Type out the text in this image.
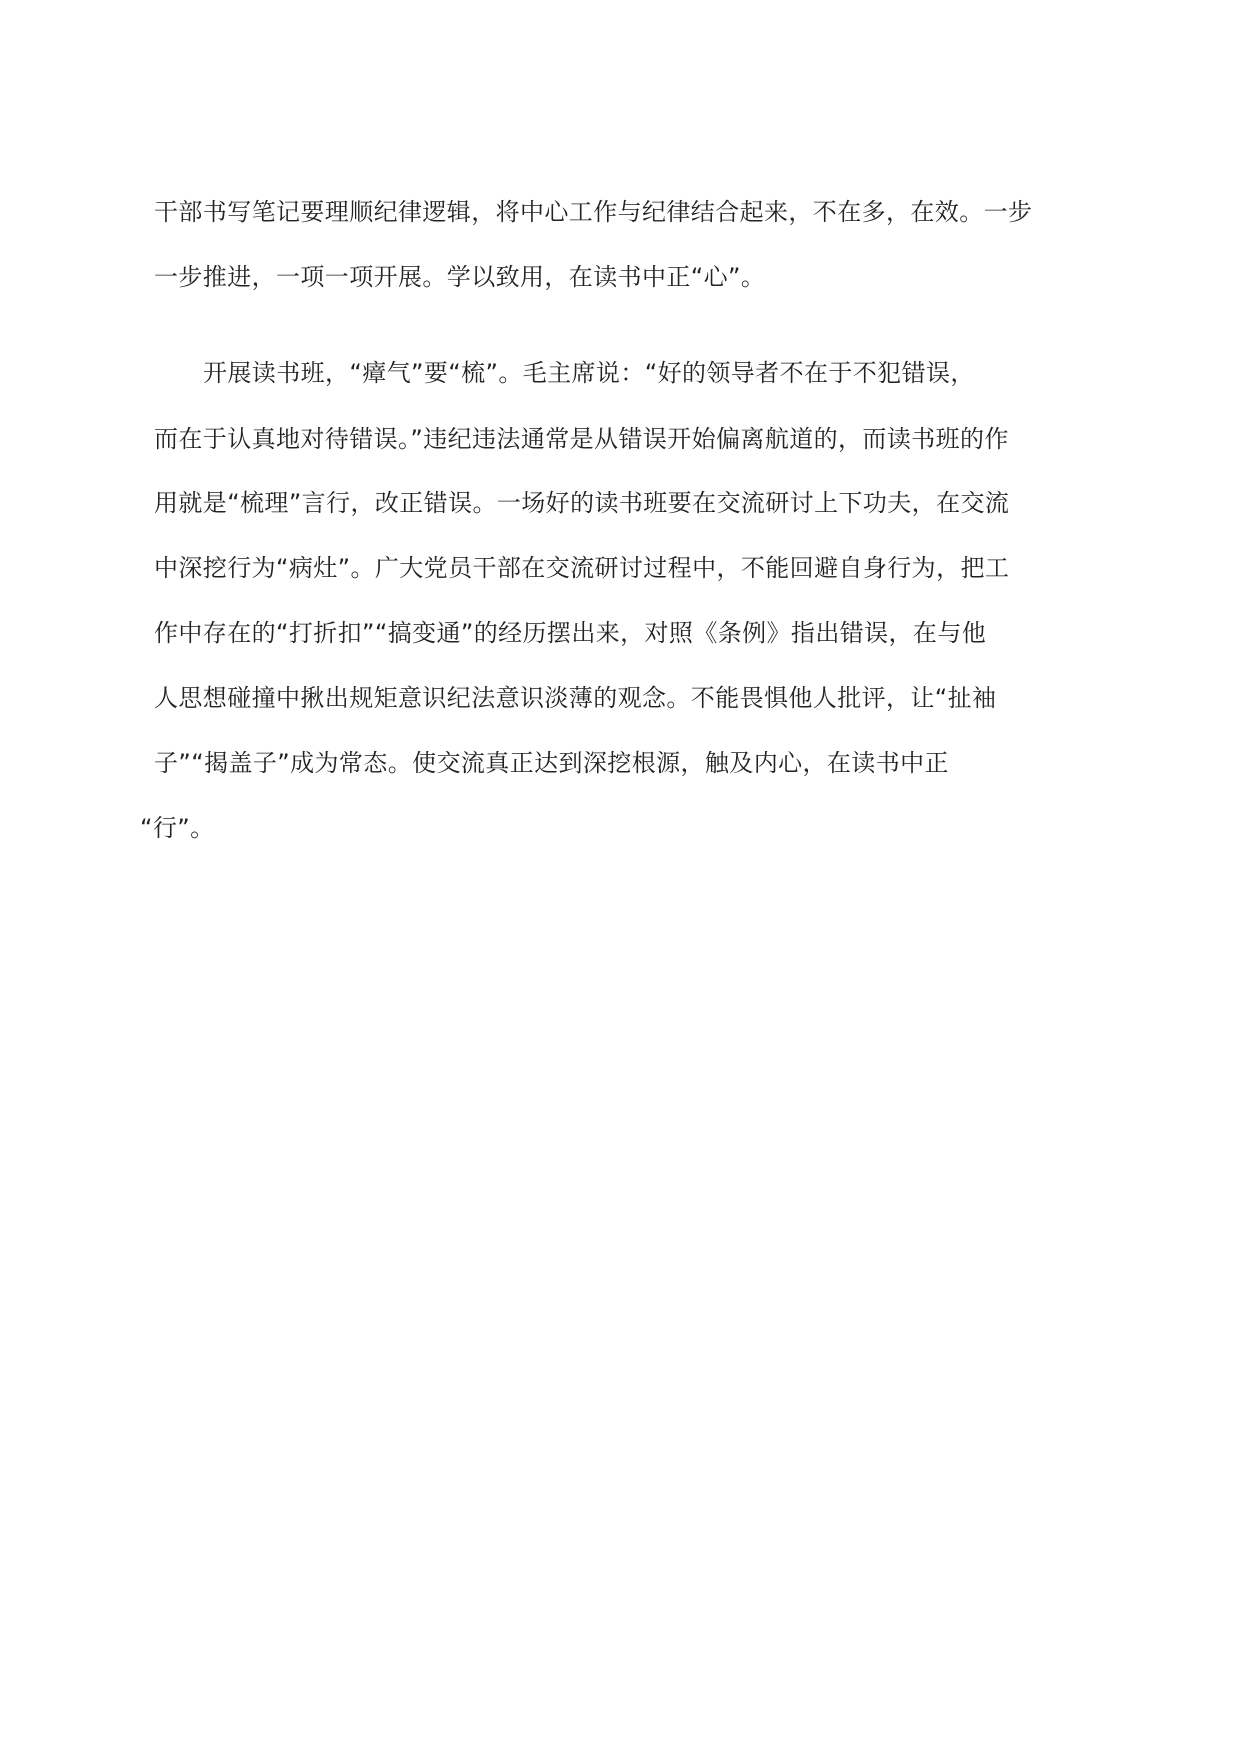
干部书写笔记要理顺纪律逻辑，将中心工作与纪律结合起来，不在多，在效。一步
一步推进，一项一项开展。学以致用，在读书中正“心”。
开展读书班，“瘴气”要“梳”。毛主席说：“好的领导者不在于不犯错误，
而在于认真地对待错误。”违纪违法通常是从错误开始偏离航道的，而读书班的作
用就是“梳理”言行，改正错误。一场好的读书班要在交流研讨上下功夫，在交流
中深挖行为“病灶”。广大党员干部在交流研讨过程中，不能回避自身行为，把工
作中存在的“打折扣”“搞变通”的经历摆出来，对照《条例》指出错误，在与他
人思想碰撞中揪出规矩意识纪法意识淡薄的观念。不能畏惧他人批评，让“扯袖
子”“揭盖子”成为常态。使交流真正达到深挖根源，触及内心，在读书中正
“行”。
